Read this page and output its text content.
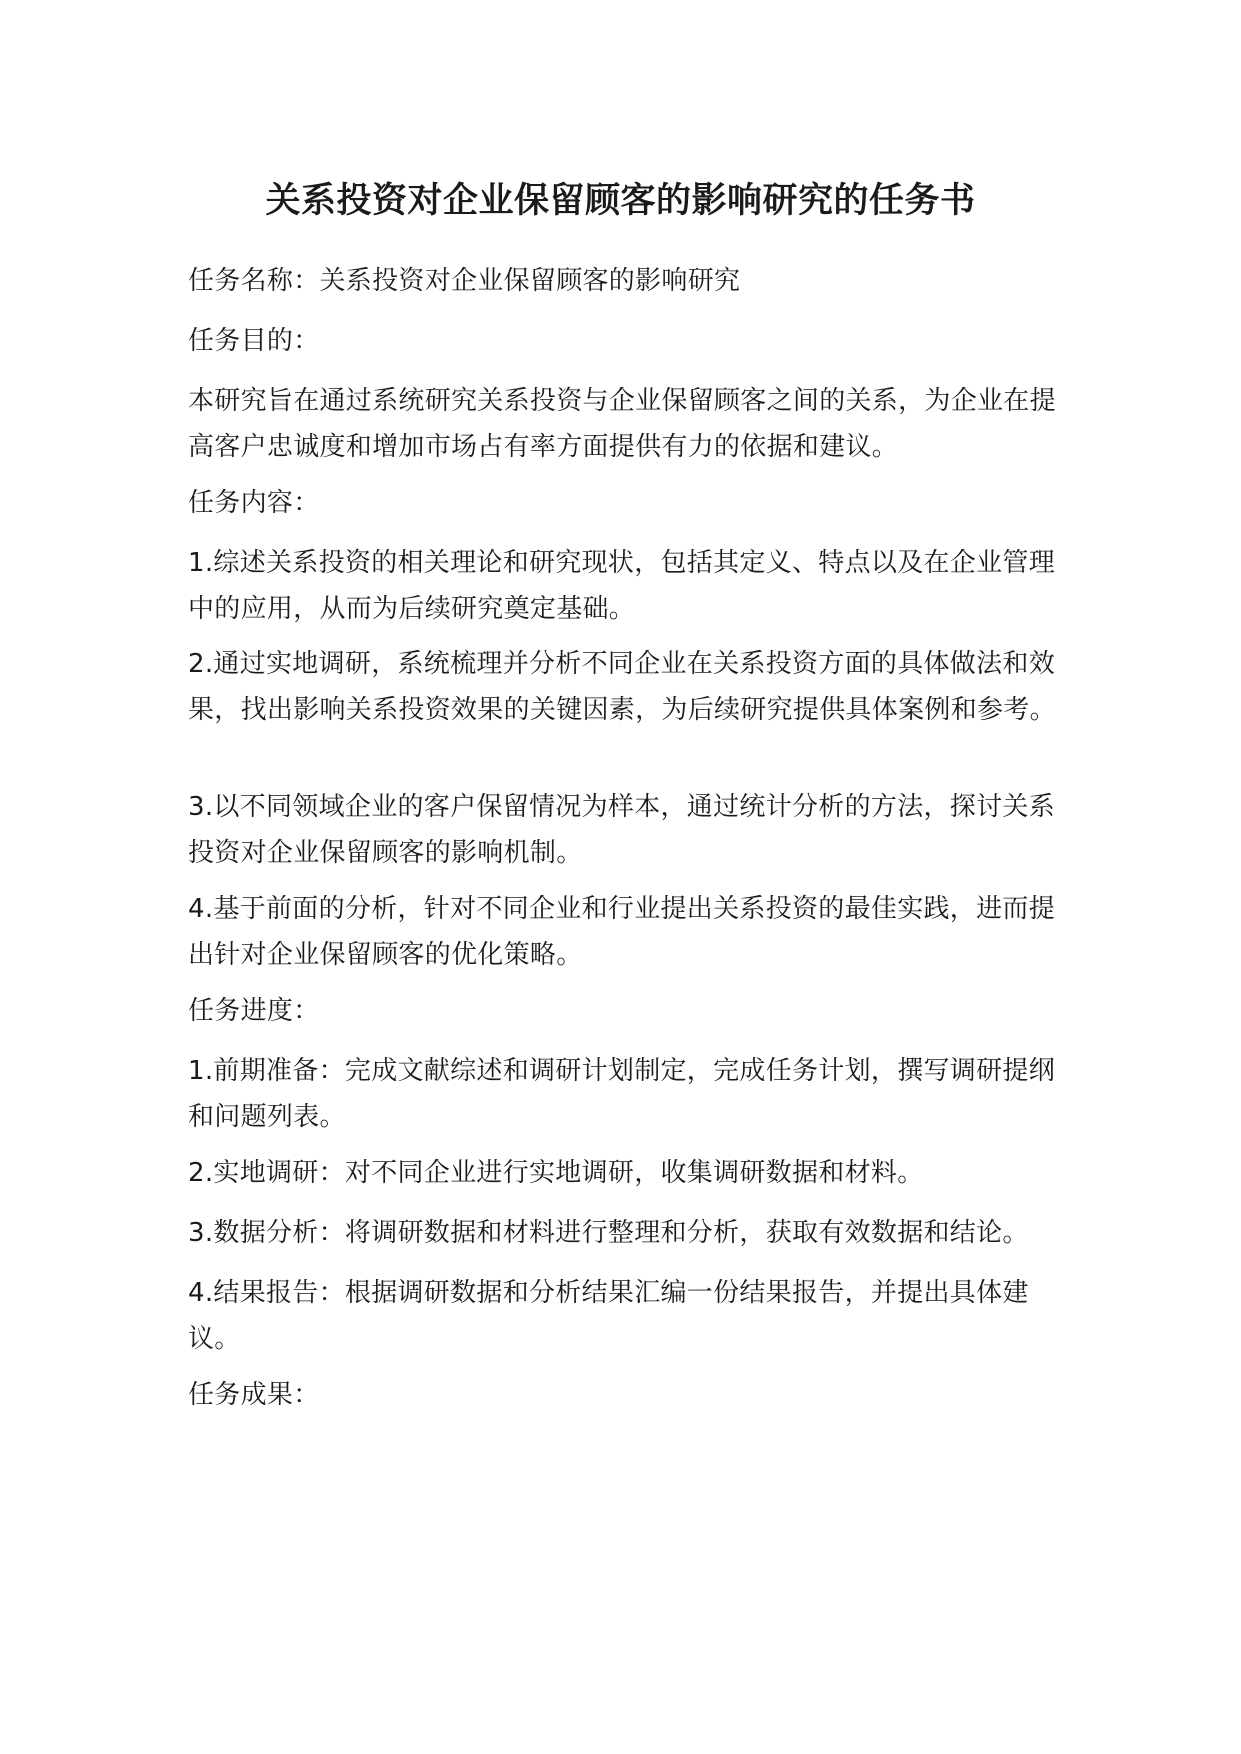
关系投资对企业保留顾客的影响研究的任务书

任务名称：关系投资对企业保留顾客的影响研究

任务目的：

本研究旨在通过系统研究关系投资与企业保留顾客之间的关系，为企业在提高客户忠诚度和增加市场占有率方面提供有力的依据和建议。

任务内容：

1.综述关系投资的相关理论和研究现状，包括其定义、特点以及在企业管理中的应用，从而为后续研究奠定基础。

2.通过实地调研，系统梳理并分析不同企业在关系投资方面的具体做法和效果，找出影响关系投资效果的关键因素，为后续研究提供具体案例和参考。

3.以不同领域企业的客户保留情况为样本，通过统计分析的方法，探讨关系投资对企业保留顾客的影响机制。

4.基于前面的分析，针对不同企业和行业提出关系投资的最佳实践，进而提出针对企业保留顾客的优化策略。

任务进度：

1.前期准备：完成文献综述和调研计划制定，完成任务计划，撰写调研提纲和问题列表。

2.实地调研：对不同企业进行实地调研，收集调研数据和材料。

3.数据分析：将调研数据和材料进行整理和分析，获取有效数据和结论。

4.结果报告：根据调研数据和分析结果汇编一份结果报告，并提出具体建议。

任务成果：
